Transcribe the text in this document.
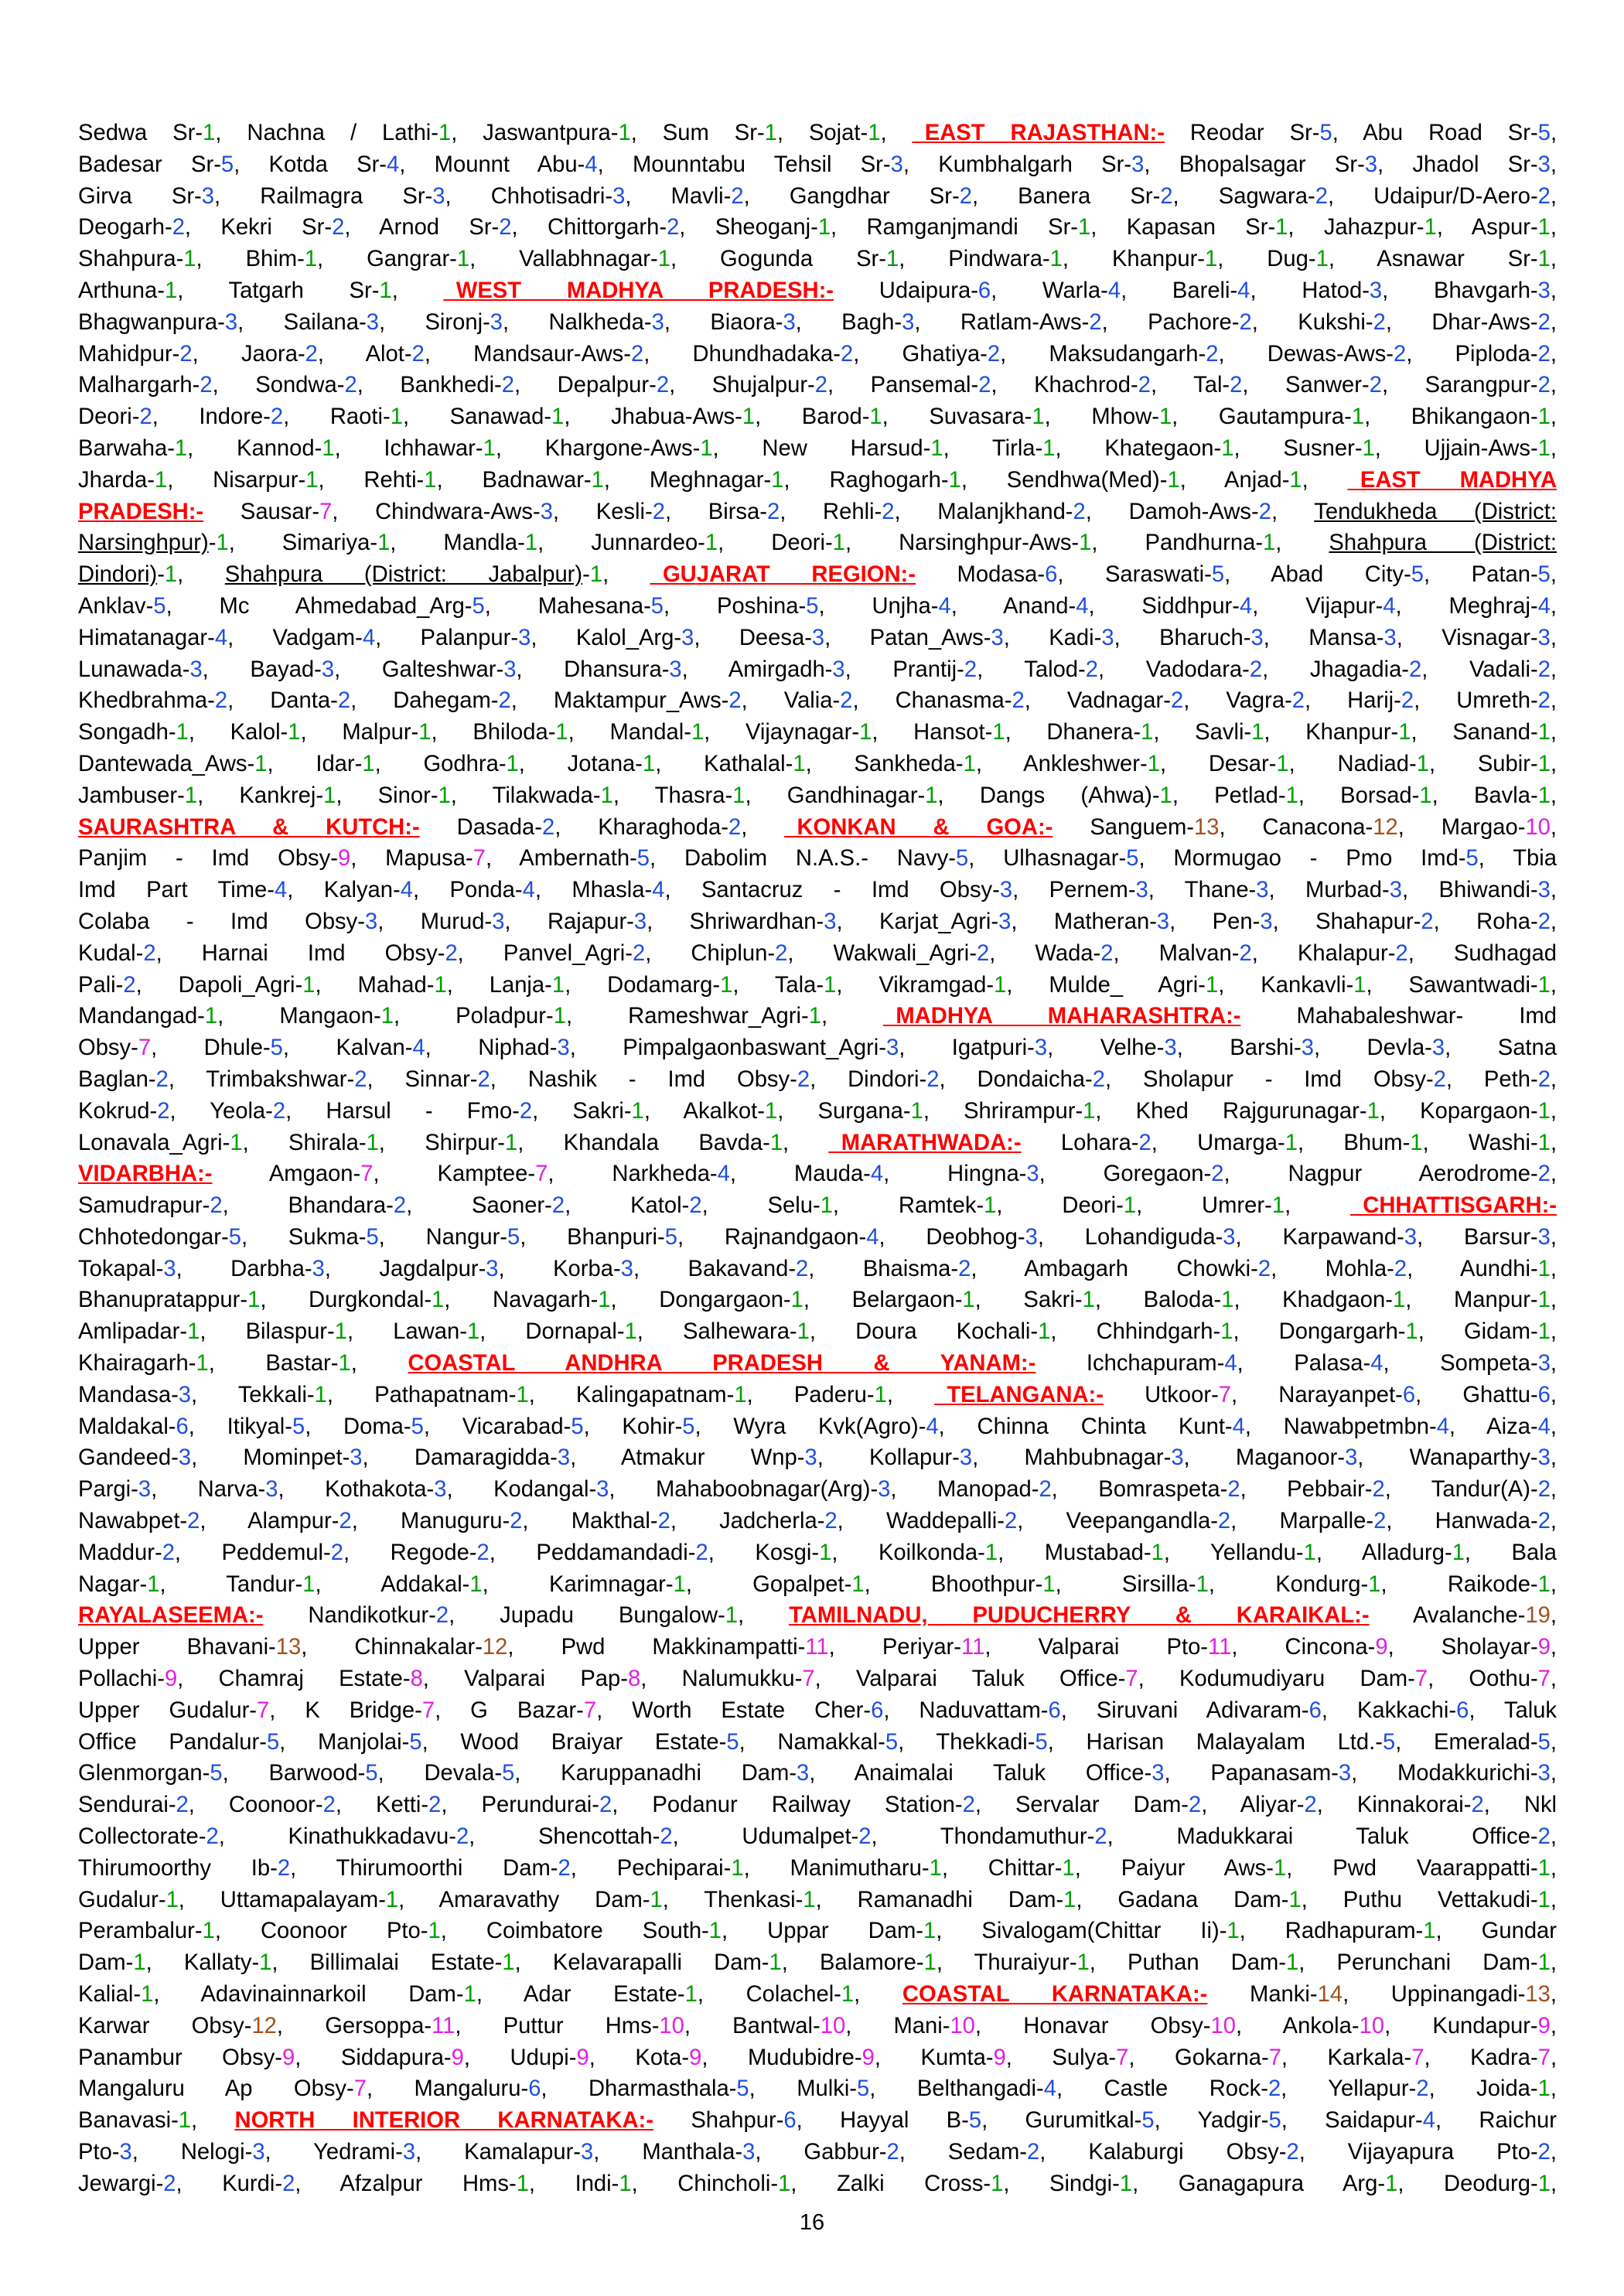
Sedwa Sr-1, Nachna / Lathi-1, Jaswantpura-1, Sum Sr-1, Sojat-1, _EAST RAJASTHAN:- Reodar Sr-5, Abu Road Sr-5,
Badesar Sr-5, Kotda Sr-4, Mounnt Abu-4, Mounntabu Tehsil Sr-3, Kumbhalgarh Sr-3, Bhopalsagar Sr-3, Jhadol Sr-3,
Girva Sr-3, Railmagra Sr-3, Chhotisadri-3, Mavli-2, Gangdhar Sr-2, Banera Sr-2, Sagwara-2, Udaipur/D-Aero-2,
Deogarh-2, Kekri Sr-2, Arnod Sr-2, Chittorgarh-2, Sheoganj-1, Ramganjmandi Sr-1, Kapasan Sr-1, Jahazpur-1, Aspur-1,
Shahpura-1, Bhim-1, Gangrar-1, Vallabhnagar-1, Gogunda Sr-1, Pindwara-1, Khanpur-1, Dug-1, Asnawar Sr-1,
Arthuna-1, Tatgarh Sr-1, _WEST MADHYA PRADESH:- Udaipura-6, Warla-4, Bareli-4, Hatod-3, Bhavgarh-3,
Bhagwanpura-3, Sailana-3, Sironj-3, Nalkheda-3, Biaora-3, Bagh-3, Ratlam-Aws-2, Pachore-2, Kukshi-2, Dhar-Aws-2,
Mahidpur-2, Jaora-2, Alot-2, Mandsaur-Aws-2, Dhundhadaka-2, Ghatiya-2, Maksudangarh-2, Dewas-Aws-2, Piploda-2,
Malhargarh-2, Sondwa-2, Bankhedi-2, Depalpur-2, Shujalpur-2, Pansemal-2, Khachrod-2, Tal-2, Sanwer-2, Sarangpur-2,
Deori-2, Indore-2, Raoti-1, Sanawad-1, Jhabua-Aws-1, Barod-1, Suvasara-1, Mhow-1, Gautampura-1, Bhikangaon-1,
Barwaha-1, Kannod-1, Ichhawar-1, Khargone-Aws-1, New Harsud-1, Tirla-1, Khategaon-1, Susner-1, Ujjain-Aws-1,
Jharda-1, Nisarpur-1, Rehti-1, Badnawar-1, Meghnagar-1, Raghogarh-1, Sendhwa(Med)-1, Anjad-1, _EAST MADHYA
PRADESH:- Sausar-7, Chindwara-Aws-3, Kesli-2, Birsa-2, Rehli-2, Malanjkhand-2, Damoh-Aws-2, Tendukheda (District:
Narsinghpur)-1, Simariya-1, Mandla-1, Junnardeo-1, Deori-1, Narsinghpur-Aws-1, Pandhurna-1, Shahpura (District:
Dindori)-1, Shahpura (District: Jabalpur)-1, _GUJARAT REGION:- Modasa-6, Saraswati-5, Abad City-5, Patan-5,
Anklav-5, Mc Ahmedabad_Arg-5, Mahesana-5, Poshina-5, Unjha-4, Anand-4, Siddhpur-4, Vijapur-4, Meghraj-4,
Himatanagar-4, Vadgam-4, Palanpur-3, Kalol_Arg-3, Deesa-3, Patan_Aws-3, Kadi-3, Bharuch-3, Mansa-3, Visnagar-3,
Lunawada-3, Bayad-3, Galteshwar-3, Dhansura-3, Amirgadh-3, Prantij-2, Talod-2, Vadodara-2, Jhagadia-2, Vadali-2,
Khedbrahma-2, Danta-2, Dahegam-2, Maktampur_Aws-2, Valia-2, Chanasma-2, Vadnagar-2, Vagra-2, Harij-2, Umreth-2,
Songadh-1, Kalol-1, Malpur-1, Bhiloda-1, Mandal-1, Vijaynagar-1, Hansot-1, Dhanera-1, Savli-1, Khanpur-1, Sanand-1,
Dantewada_Aws-1, Idar-1, Godhra-1, Jotana-1, Kathalal-1, Sankheda-1, Ankleshwer-1, Desar-1, Nadiad-1, Subir-1,
Jambuser-1, Kankrej-1, Sinor-1, Tilakwada-1, Thasra-1, Gandhinagar-1, Dangs (Ahwa)-1, Petlad-1, Borsad-1, Bavla-1,
SAURASHTRA & KUTCH:- Dasada-2, Kharaghoda-2, _KONKAN & GOA:- Sanguem-13, Canacona-12, Margao-10,
Panjim - Imd Obsy-9, Mapusa-7, Ambernath-5, Dabolim N.A.S.- Navy-5, Ulhasnagar-5, Mormugao - Pmo Imd-5, Tbia
Imd Part Time-4, Kalyan-4, Ponda-4, Mhasla-4, Santacruz - Imd Obsy-3, Pernem-3, Thane-3, Murbad-3, Bhiwandi-3,
Colaba - Imd Obsy-3, Murud-3, Rajapur-3, Shriwardhan-3, Karjat_Agri-3, Matheran-3, Pen-3, Shahapur-2, Roha-2,
Kudal-2, Harnai Imd Obsy-2, Panvel_Agri-2, Chiplun-2, Wakwali_Agri-2, Wada-2, Malvan-2, Khalapur-2, Sudhagad
Pali-2, Dapoli_Agri-1, Mahad-1, Lanja-1, Dodamarg-1, Tala-1, Vikramgad-1, Mulde_ Agri-1, Kankavli-1, Sawantwadi-1,
Mandangad-1, Mangaon-1, Poladpur-1, Rameshwar_Agri-1, _MADHYA MAHARASHTRA:- Mahabaleshwar- Imd
Obsy-7, Dhule-5, Kalvan-4, Niphad-3, Pimpalgaonbaswant_Agri-3, Igatpuri-3, Velhe-3, Barshi-3, Devla-3, Satna
Baglan-2, Trimbakshwar-2, Sinnar-2, Nashik - Imd Obsy-2, Dindori-2, Dondaicha-2, Sholapur - Imd Obsy-2, Peth-2,
Kokrud-2, Yeola-2, Harsul - Fmo-2, Sakri-1, Akalkot-1, Surgana-1, Shrirampur-1, Khed Rajgurunagar-1, Kopargaon-1,
Lonavala_Agri-1, Shirala-1, Shirpur-1, Khandala Bavda-1, _MARATHWADA:- Lohara-2, Umarga-1, Bhum-1, Washi-1,
VIDARBHA:- Amgaon-7, Kamptee-7, Narkheda-4, Mauda-4, Hingna-3, Goregaon-2, Nagpur Aerodrome-2,
Samudrapur-2, Bhandara-2, Saoner-2, Katol-2, Selu-1, Ramtek-1, Deori-1, Umrer-1, _CHHATTISGARH:-
Chhotedongar-5, Sukma-5, Nangur-5, Bhanpuri-5, Rajnandgaon-4, Deobhog-3, Lohandiguda-3, Karpawand-3, Barsur-3,
Tokapal-3, Darbha-3, Jagdalpur-3, Korba-3, Bakavand-2, Bhaisma-2, Ambagarh Chowki-2, Mohla-2, Aundhi-1,
Bhanupratappur-1, Durgkondal-1, Navagarh-1, Dongargaon-1, Belargaon-1, Sakri-1, Baloda-1, Khadgaon-1, Manpur-1,
Amlipadar-1, Bilaspur-1, Lawan-1, Dornapal-1, Salhewara-1, Doura Kochali-1, Chhindgarh-1, Dongargarh-1, Gidam-1,
Khairagarh-1, Bastar-1, COASTAL ANDHRA PRADESH & YANAM:- Ichchapuram-4, Palasa-4, Sompeta-3,
Mandasa-3, Tekkali-1, Pathapatnam-1, Kalingapatnam-1, Paderu-1, _TELANGANA:- Utkoor-7, Narayanpet-6, Ghattu-6,
Maldakal-6, Itikyal-5, Doma-5, Vicarabad-5, Kohir-5, Wyra Kvk(Agro)-4, Chinna Chinta Kunt-4, Nawabpetmbn-4, Aiza-4,
Gandeed-3, Mominpet-3, Damaragidda-3, Atmakur Wnp-3, Kollapur-3, Mahbubnagar-3, Maganoor-3, Wanaparthy-3,
Pargi-3, Narva-3, Kothakota-3, Kodangal-3, Mahaboobnagar(Arg)-3, Manopad-2, Bomraspeta-2, Pebbair-2, Tandur(A)-2,
Nawabpet-2, Alampur-2, Manuguru-2, Makthal-2, Jadcherla-2, Waddepalli-2, Veepangandla-2, Marpalle-2, Hanwada-2,
Maddur-2, Peddemul-2, Regode-2, Peddamandadi-2, Kosgi-1, Koilkonda-1, Mustabad-1, Yellandu-1, Alladurg-1, Bala
Nagar-1, Tandur-1, Addakal-1, Karimnagar-1, Gopalpet-1, Bhoothpur-1, Sirsilla-1, Kondurg-1, Raikode-1,
RAYALASEEMA:- Nandikotkur-2, Jupadu Bungalow-1, TAMILNADU, PUDUCHERRY & KARAIKAL:- Avalanche-19,
Upper Bhavani-13, Chinnakalar-12, Pwd Makkinampatti-11, Periyar-11, Valparai Pto-11, Cincona-9, Sholayar-9,
Pollachi-9, Chamraj Estate-8, Valparai Pap-8, Nalumukku-7, Valparai Taluk Office-7, Kodumudiyaru Dam-7, Oothu-7,
Upper Gudalur-7, K Bridge-7, G Bazar-7, Worth Estate Cher-6, Naduvattam-6, Siruvani Adivaram-6, Kakkachi-6, Taluk
Office Pandalur-5, Manjolai-5, Wood Braiyar Estate-5, Namakkal-5, Thekkadi-5, Harisan Malayalam Ltd.-5, Emeralad-5,
Glenmorgan-5, Barwood-5, Devala-5, Karuppanadhi Dam-3, Anaimalai Taluk Office-3, Papanasam-3, Modakkurichi-3,
Sendurai-2, Coonoor-2, Ketti-2, Perundurai-2, Podanur Railway Station-2, Servalar Dam-2, Aliyar-2, Kinnakorai-2, Nkl
Collectorate-2, Kinathukkadavu-2, Shencottah-2, Udumalpet-2, Thondamuthur-2, Madukkarai Taluk Office-2,
Thirumoorthy Ib-2, Thirumoorthi Dam-2, Pechiparai-1, Manimutharu-1, Chittar-1, Paiyur Aws-1, Pwd Vaarappatti-1,
Gudalur-1, Uttamapalayam-1, Amaravathy Dam-1, Thenkasi-1, Ramanadhi Dam-1, Gadana Dam-1, Puthu Vettakudi-1,
Perambalur-1, Coonoor Pto-1, Coimbatore South-1, Uppar Dam-1, Sivalogam(Chittar Ii)-1, Radhapuram-1, Gundar
Dam-1, Kallaty-1, Billimalai Estate-1, Kelavarapalli Dam-1, Balamore-1, Thuraiyur-1, Puthan Dam-1, Perunchani Dam-1,
Kalial-1, Adavinainnarkoil Dam-1, Adar Estate-1, Colachel-1, COASTAL KARNATAKA:- Manki-14, Uppinangadi-13,
Karwar Obsy-12, Gersoppa-11, Puttur Hms-10, Bantwal-10, Mani-10, Honavar Obsy-10, Ankola-10, Kundapur-9,
Panambur Obsy-9, Siddapura-9, Udupi-9, Kota-9, Mudubidre-9, Kumta-9, Sulya-7, Gokarna-7, Karkala-7, Kadra-7,
Mangaluru Ap Obsy-7, Mangaluru-6, Dharmasthala-5, Mulki-5, Belthangadi-4, Castle Rock-2, Yellapur-2, Joida-1,
Banavasi-1, NORTH INTERIOR KARNATAKA:- Shahpur-6, Hayyal B-5, Gurumitkal-5, Yadgir-5, Saidapur-4, Raichur
Pto-3, Nelogi-3, Yedrami-3, Kamalapur-3, Manthala-3, Gabbur-2, Sedam-2, Kalaburgi Obsy-2, Vijayapura Pto-2,
Jewargi-2, Kurdi-2, Afzalpur Hms-1, Indi-1, Chincholi-1, Zalki Cross-1, Sindgi-1, Ganagapura Arg-1, Deodurg-1,
16
